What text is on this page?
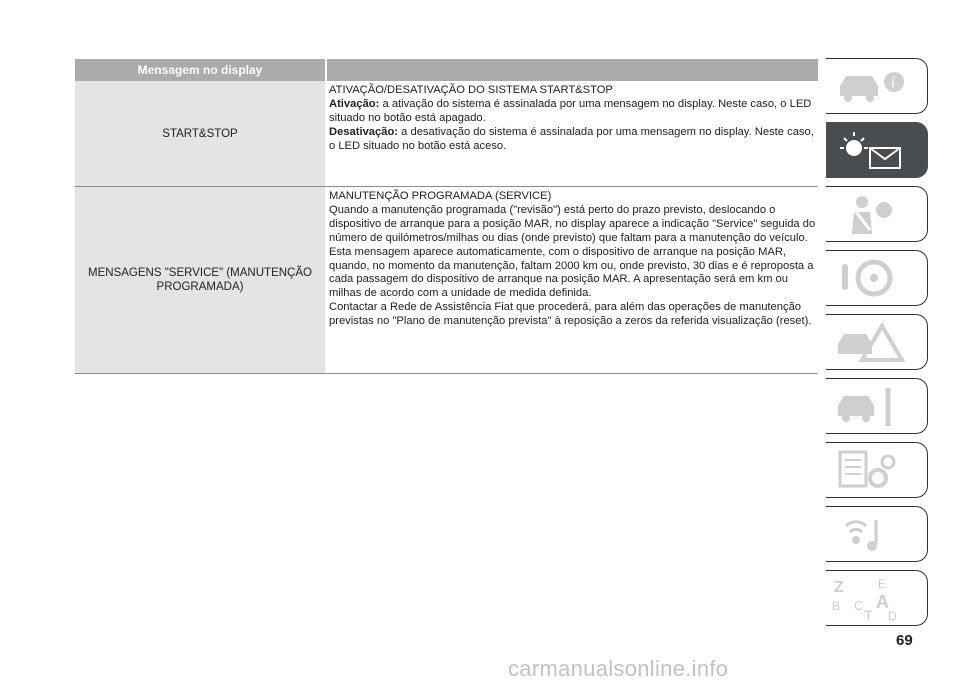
Mensagem no display
START&STOP

ATIVAÇÃO/DESATIVAÇÃO DO SISTEMA START&STOP

Ativação: a ativação do sistema é assinalada por uma mensagem no display. Neste caso, o LED situado no botão está apagado.

Desativação: a desativação do sistema é assinalada por uma mensagem no display. Neste caso, o LED situado no botão está aceso.

MENSAGENS "SERVICE" (MANUTENÇÃO PROGRAMADA)

MANUTENÇÃO PROGRAMADA (SERVICE)

Quando a manutenção programada ("revisão") está perto do prazo previsto, deslocando o dispositivo de arranque para a posição MAR, no display aparece a indicação "Service" seguida do número de quilómetros/milhas ou dias (onde previsto) que faltam para a manutenção do veículo.

Esta mensagem aparece automaticamente, com o dispositivo de arranque na posição MAR, quando, no momento da manutenção, faltam 2000 km ou, onde previsto, 30 dias e é reproposta a cada passagem do dispositivo de arranque na posição MAR. A apresentação será em km ou milhas de acordo com a unidade de medida definida.

Contactar a Rede de Assistência Fiat que procederá, para além das operações de manutenção previstas no "Plano de manutenção prevista" à reposição a zeros da referida visualização (reset).

i
Z	E
A
B C
T D
69
carmanualsonline.info
